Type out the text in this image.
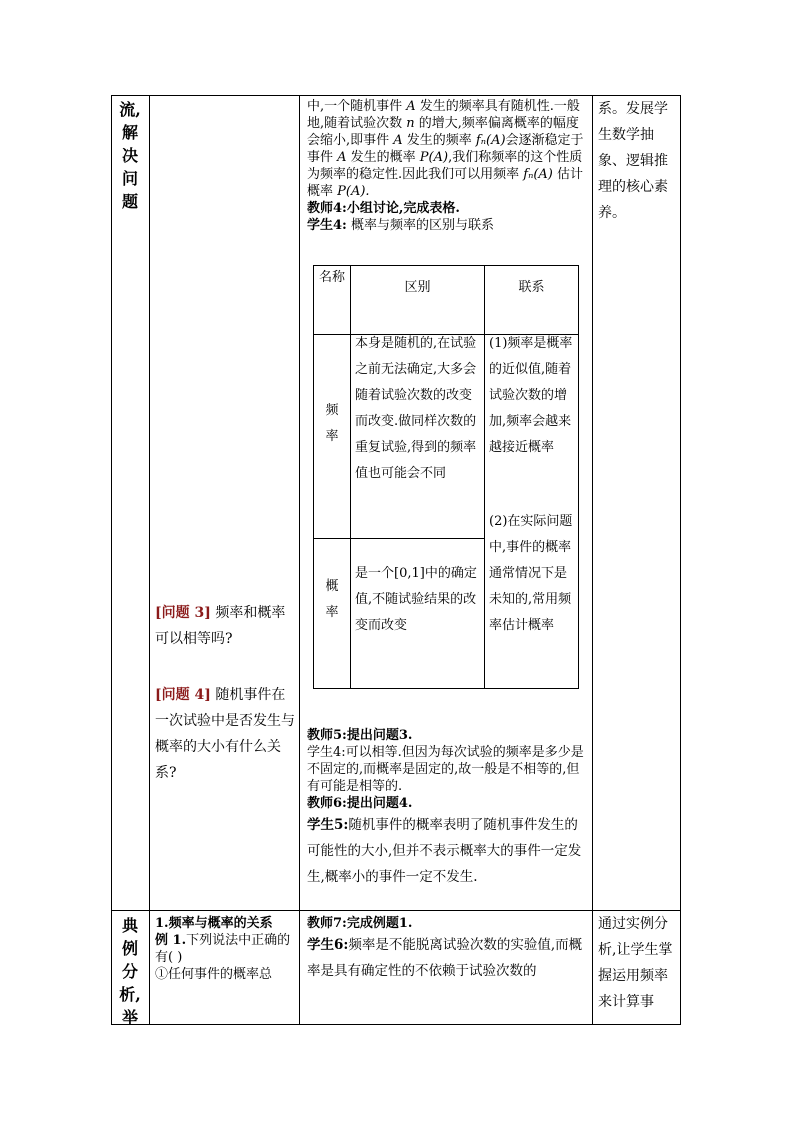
流,
解
决
问
题
典
例
分
析,
举
[问题 3] 频率和概率可以相等吗?
[问题 4] 随机事件在一次试验中是否发生与概率的大小有什么关系?
中,一个随机事件 A 发生的频率具有随机性.一般地,随着试验次数 n 的增大,频率偏离概率的幅度会缩小,即事件 A 发生的频率 fₙ(A)会逐渐稳定于事件 A 发生的概率 P(A),我们称频率的这个性质为频率的稳定性.因此我们可以用频率 fₙ(A) 估计概率 P(A).
教师4:小组讨论,完成表格.
学生4: 概率与频率的区别与联系
教师5:提出问题3.
学生4:可以相等.但因为每次试验的频率是多少是不固定的,而概率是固定的,故一般是不相等的,但有可能是相等的.
教师6:提出问题4.
学生5:随机事件的概率表明了随机事件发生的可能性的大小,但并不表示概率大的事件一定发生,概率小的事件一定不发生.
系。发展学生数学抽象、逻辑推理的核心素养。
1.频率与概率的关系
例 1.下列说法中正确的有( )
①任何事件的概率总
教师7:完成例题1.
学生6:频率是不能脱离试验次数的实验值,而概率是具有确定性的不依赖于试验次数的
通过实例分析,让学生掌握运用频率来计算事
名称
区别	联系
频率
本身是随机的,在试验之前无法确定,大多会随着试验次数的改变而改变.做同样次数的重复试验,得到的频率值也可能会不同
概率
是一个[0,1]中的确定值,不随试验结果的改变而改变
(1)频率是概率的近似值,随着试验次数的增加,频率会越来越接近概率
(2)在实际问题中,事件的概率通常情况下是未知的,常用频率估计概率
